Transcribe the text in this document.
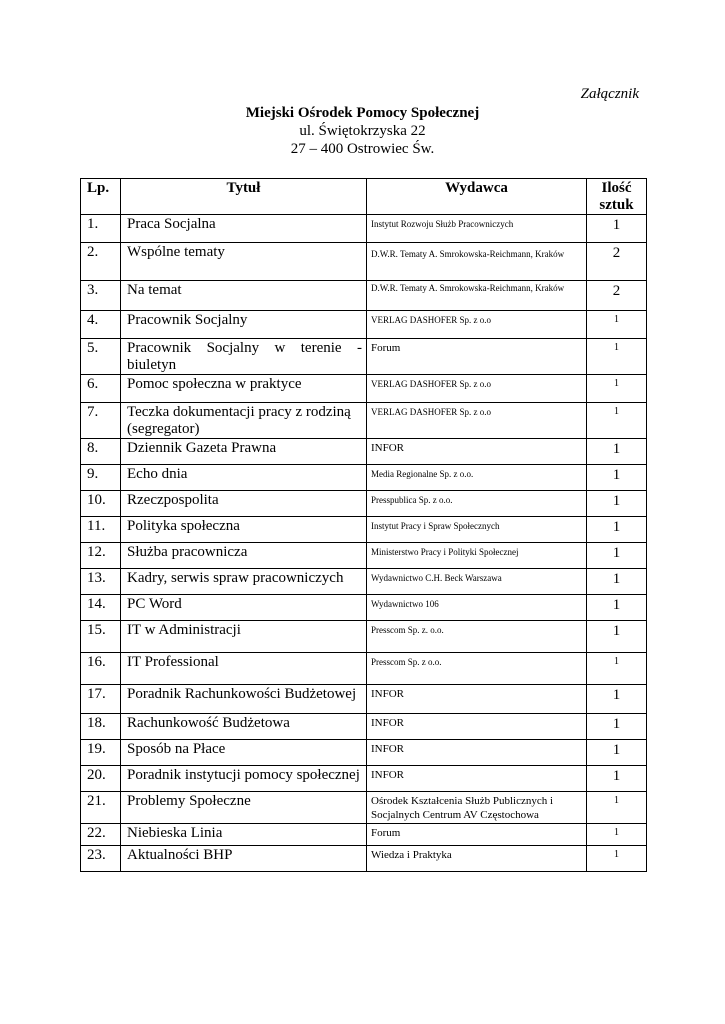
Załącznik
Miejski Ośrodek Pomocy Społecznej
ul. Świętokrzyska 22
27 – 400 Ostrowiec Św.
Lp.	Tytuł	Wydawca	Ilość
sztuk
1.	Praca Socjalna	Instytut Rozwoju Służb Pracowniczych	1
2.	Wspólne tematy	D.W.R. Tematy A. Smrokowska-Reichmann, Kraków	2
3.	Na temat	D.W.R. Tematy A. Smrokowska-Reichmann, Kraków	2
4.	Pracownik Socjalny	VERLAG DASHOFER Sp. z o.o	1
5.	Pracownik Socjalny w terenie - biuletyn	Forum	1
6.	Pomoc społeczna w praktyce	VERLAG DASHOFER Sp. z o.o	1
7.	Teczka dokumentacji pracy z rodziną (segregator)	VERLAG DASHOFER Sp. z o.o	1
8.	Dziennik Gazeta Prawna	INFOR	1
9.	Echo dnia	Media Regionalne Sp. z o.o.	1
10.	Rzeczpospolita	Presspublica Sp. z o.o.	1
11.	Polityka społeczna	Instytut Pracy i Spraw Społecznych	1
12.	Służba pracownicza	Ministerstwo Pracy i Polityki Społecznej	1
13.	Kadry, serwis spraw pracowniczych	Wydawnictwo C.H. Beck Warszawa	1
14.	PC Word	Wydawnictwo 106	1
15.	IT w Administracji	Presscom Sp. z. o.o.	1
16.	IT Professional	Presscom Sp. z o.o.	1
17.	Poradnik Rachunkowości Budżetowej	INFOR	1
18.	Rachunkowość Budżetowa	INFOR	1
19.	Sposób na Płace	INFOR	1
20.	Poradnik instytucji pomocy społecznej	INFOR	1
21.	Problemy Społeczne	Ośrodek Kształcenia Służb Publicznych i Socjalnych Centrum AV Częstochowa	1
22.	Niebieska Linia	Forum	1
23.	Aktualności BHP	Wiedza i Praktyka	1
